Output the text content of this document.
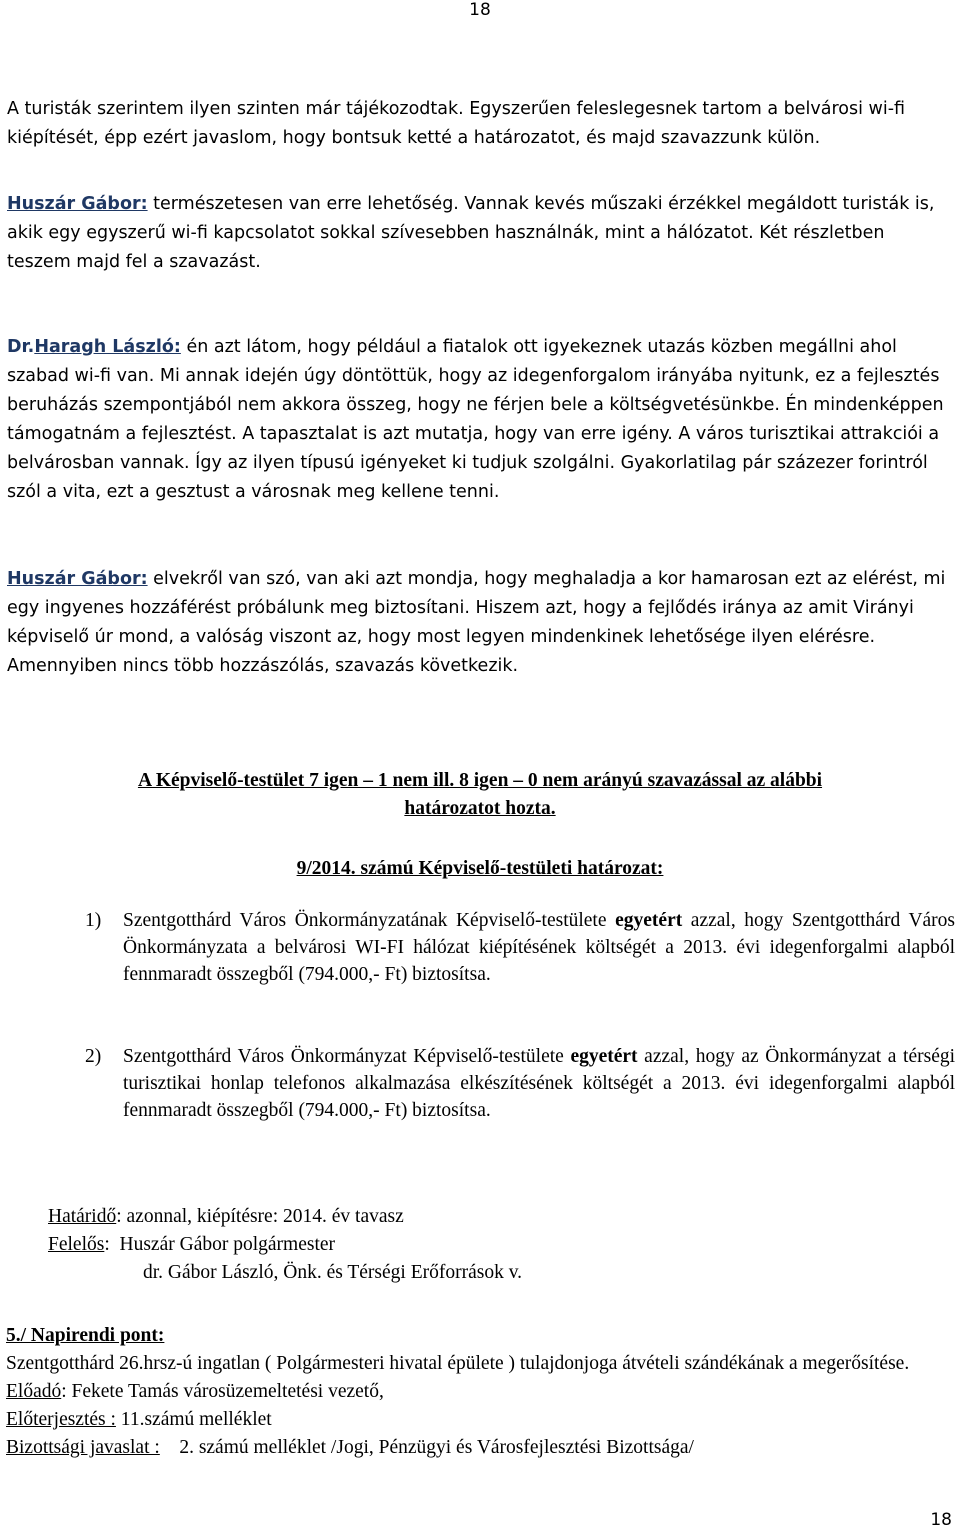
18

A turisták szerintem ilyen szinten már tájékozodtak. Egyszerűen feleslegesnek tartom a belvárosi wi-fi kiépítését, épp ezért javaslom, hogy bontsuk ketté a határozatot, és majd szavazzunk külön.

Huszár Gábor: természetesen van erre lehetőség. Vannak kevés műszaki érzékkel megáldott turisták is, akik egy egyszerű wi-fi kapcsolatot sokkal szívesebben használnák, mint a hálózatot. Két részletben teszem majd fel a szavazást.

Dr.Haragh László: én azt látom, hogy például a fiatalok ott igyekeznek utazás közben megállni ahol szabad wi-fi van. Mi annak idején úgy döntöttük, hogy az idegenforgalom irányába nyitunk, ez a fejlesztés beruházás szempontjából nem akkora összeg, hogy ne férjen bele a költségvetésünkbe. Én mindenképpen támogatnám a fejlesztést. A tapasztalat is azt mutatja, hogy van erre igény. A város turisztikai attrakciói a belvárosban vannak. Így az ilyen típusú igényeket ki tudjuk szolgálni. Gyakorlatilag pár százezer forintról szól a vita, ezt a gesztust a városnak meg kellene tenni.

Huszár Gábor: elvekről van szó, van aki azt mondja, hogy meghaladja a kor hamarosan ezt az elérést, mi egy ingyenes hozzáférést próbálunk meg biztosítani. Hiszem azt, hogy a fejlődés iránya az amit Virányi képviselő úr mond, a valóság viszont az, hogy most legyen mindenkinek lehetősége ilyen elérésre. Amennyiben nincs több hozzászólás, szavazás következik.

A Képviselő-testület 7 igen – 1 nem ill. 8 igen – 0 nem arányú szavazással az alábbi
határozatot hozta.
9/2014. számú Képviselő-testületi határozat:
1)	Szentgotthárd Város Önkormányzatának Képviselő-testülete egyetért azzal, hogy Szentgotthárd Város Önkormányzata a belvárosi WI-FI hálózat kiépítésének költségét a 2013. évi idegenforgalmi alapból fennmaradt összegből (794.000,- Ft) biztosítsa.
2)	Szentgotthárd Város Önkormányzat Képviselő-testülete egyetért azzal, hogy az Önkormányzat a térségi turisztikai honlap telefonos alkalmazása elkészítésének költségét a 2013. évi idegenforgalmi alapból fennmaradt összegből (794.000,- Ft) biztosítsa.
Határidő: azonnal, kiépítésre: 2014. év tavasz
Felelős:  Huszár Gábor polgármester
dr. Gábor László, Önk. és Térségi Erőforrások v.
5./ Napirendi pont:
Szentgotthárd 26.hrsz-ú ingatlan ( Polgármesteri hivatal épülete ) tulajdonjoga átvételi szándékának a megerősítése.
Előadó: Fekete Tamás városüzemeltetési vezető,
Előterjesztés : 11.számú melléklet
Bizottsági javaslat :    2. számú melléklet /Jogi, Pénzügyi és Városfejlesztési Bizottsága/
18
